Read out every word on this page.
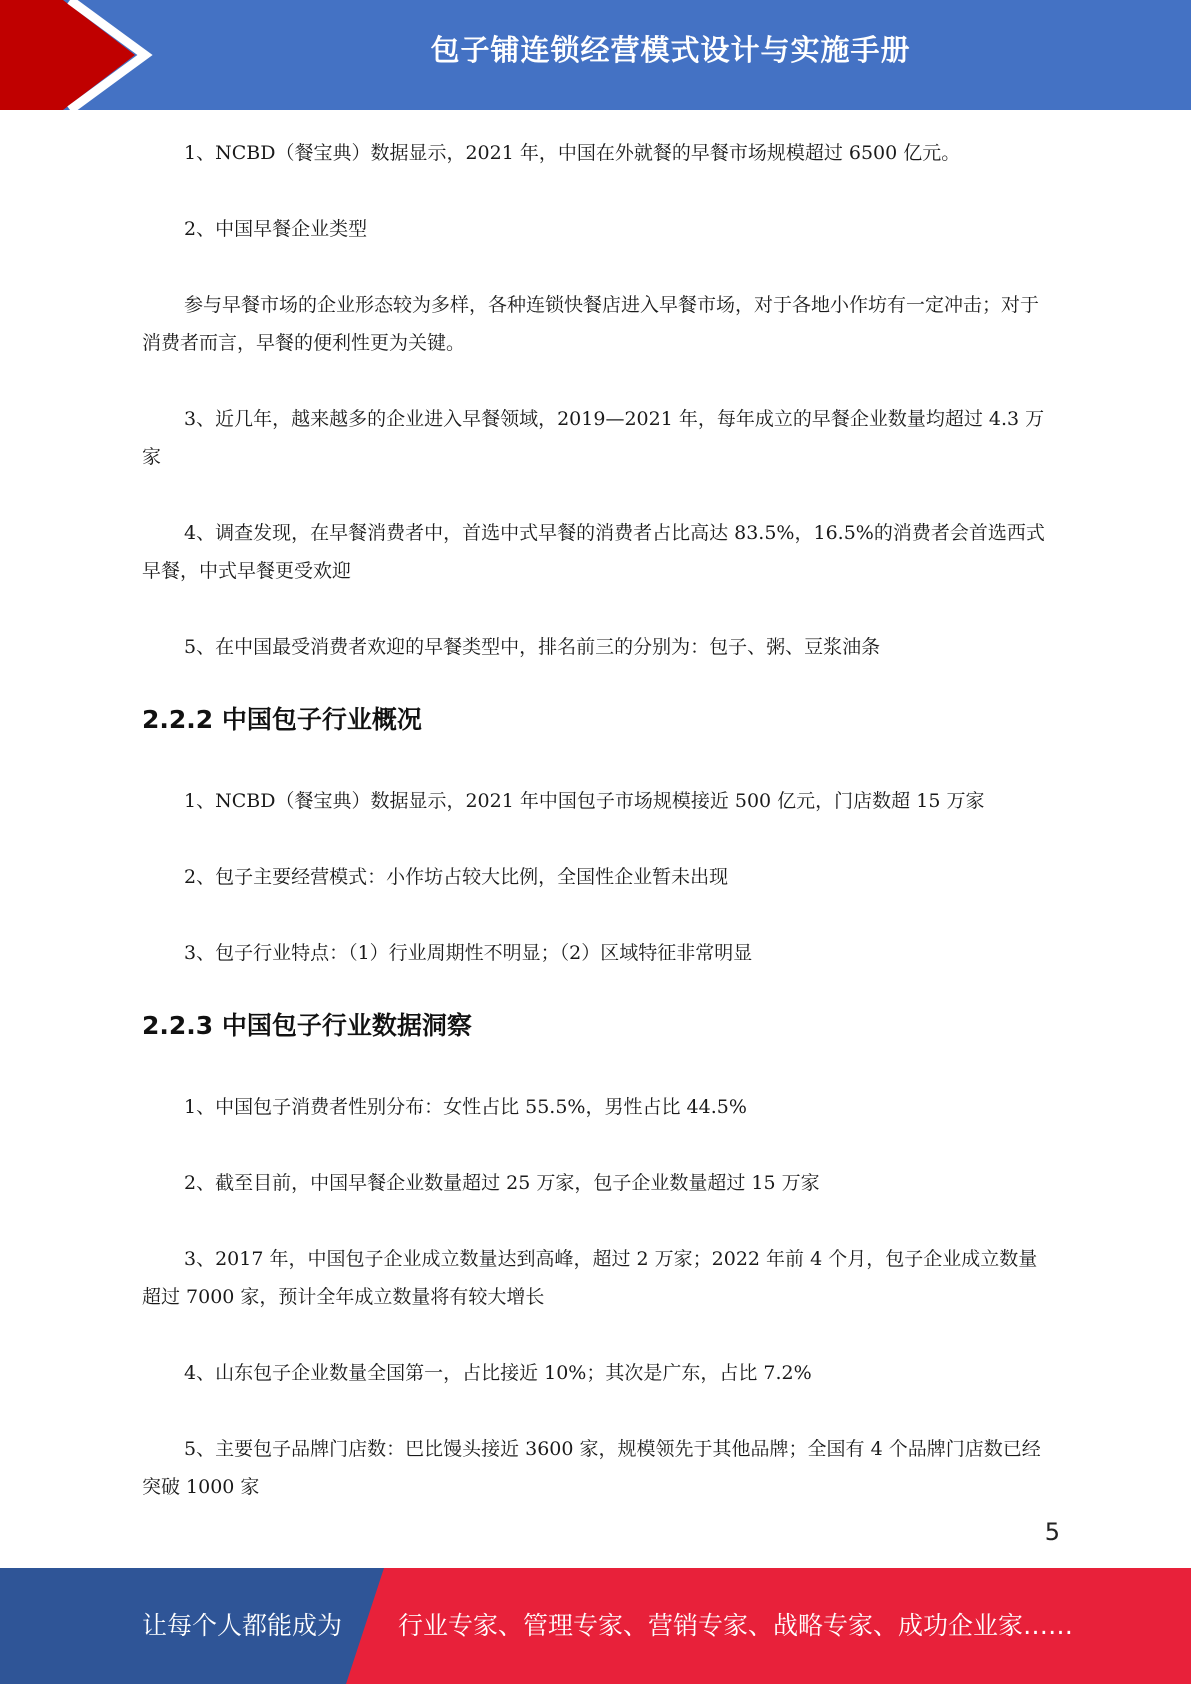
包子铺连锁经营模式设计与实施手册

1、NCBD（餐宝典）数据显示，2021 年，中国在外就餐的早餐市场规模超过 6500 亿元。

2、中国早餐企业类型

参与早餐市场的企业形态较为多样，各种连锁快餐店进入早餐市场，对于各地小作坊有一定冲击；对于消费者而言，早餐的便利性更为关键。

3、近几年，越来越多的企业进入早餐领域，2019—2021 年，每年成立的早餐企业数量均超过 4.3 万家

4、调查发现，在早餐消费者中，首选中式早餐的消费者占比高达 83.5%，16.5%的消费者会首选西式早餐，中式早餐更受欢迎

5、在中国最受消费者欢迎的早餐类型中，排名前三的分别为：包子、粥、豆浆油条

2.2.2 中国包子行业概况

1、NCBD（餐宝典）数据显示，2021 年中国包子市场规模接近 500 亿元，门店数超 15 万家

2、包子主要经营模式：小作坊占较大比例，全国性企业暂未出现

3、包子行业特点：（1）行业周期性不明显；（2）区域特征非常明显

2.2.3 中国包子行业数据洞察

1、中国包子消费者性别分布：女性占比 55.5%，男性占比 44.5%

2、截至目前，中国早餐企业数量超过 25 万家，包子企业数量超过 15 万家

3、2017 年，中国包子企业成立数量达到高峰，超过 2 万家；2022 年前 4 个月，包子企业成立数量超过 7000 家，预计全年成立数量将有较大增长

4、山东包子企业数量全国第一，占比接近 10%；其次是广东，占比 7.2%

5、主要包子品牌门店数：巴比馒头接近 3600 家，规模领先于其他品牌；全国有 4 个品牌门店数已经突破 1000 家

5
让每个人都能成为 行业专家、管理专家、营销专家、战略专家、成功企业家……
